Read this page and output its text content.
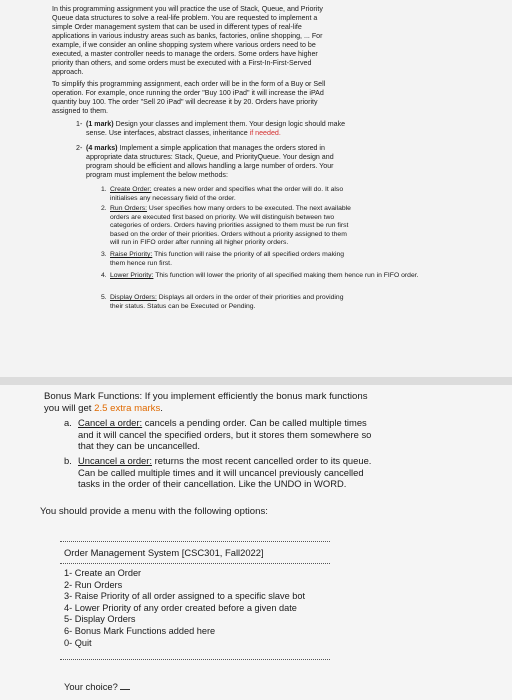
In this programming assignment you will practice the use of Stack, Queue, and Priority
Queue data structures to solve a real-life problem. You are requested to implement a
simple Order management system that can be used in different types of real-life
applications in various industry areas such as banks, factories, online shopping, ... For
example, if we consider an online shopping system where various orders need to be
executed, a master controller needs to manage the orders. Some orders have higher
priority than others, and some orders must be executed with a First-In-First-Served
approach.
To simplify this programming assignment, each order will be in the form of a Buy or Sell
operation. For example, once running the order "Buy 100 iPad" it will increase the iPAd
quantity buy 100. The order "Sell 20 iPad" will decrease it by 20. Orders have priority
assigned to them.
1- (1 mark) Design your classes and implement them. Your design logic should make
sense. Use interfaces, abstract classes, inheritance if needed.
2- (4 marks) Implement a simple application that manages the orders stored in
appropriate data structures: Stack, Queue, and PriorityQueue. Your design and
program should be efficient and allows handling a large number of orders. Your
program must implement the below methods:
1. Create Order: creates a new order and specifies what the order will do. It also
initialises any necessary field of the order.
2. Run Orders: User specifies how many orders to be executed. The next available
orders are executed first based on priority. We will distinguish between two
categories of orders. Orders having priorities assigned to them must be run first
based on the order of their priorities. Orders without a priority assigned to them
will run in FIFO order after running all higher priority orders.
3. Raise Priority: This function will raise the priority of all specified orders making
them hence run first.
4. Lower Priority: This function will lower the priority of all specified making them hence run in FIFO order.
5. Display Orders: Displays all orders in the order of their priorities and providing
their status. Status can be Executed or Pending.
Bonus Mark Functions: If you implement efficiently the bonus mark functions
you will get 2.5 extra marks.
a. Cancel a order: cancels a pending order. Can be called multiple times
and it will cancel the specified orders, but it stores them somewhere so
that they can be uncancelled.
b. Uncancel a order: returns the most recent cancelled order to its queue.
Can be called multiple times and it will uncancel previously cancelled
tasks in the order of their cancellation. Like the UNDO in WORD.
You should provide a menu with the following options:
Order Management System [CSC301, Fall2022]
1- Create an Order
2- Run Orders
3- Raise Priority of all order assigned to a specific slave bot
4- Lower Priority of any order created before a given date
5- Display Orders
6- Bonus Mark Functions added here
0- Quit
Your choice?
